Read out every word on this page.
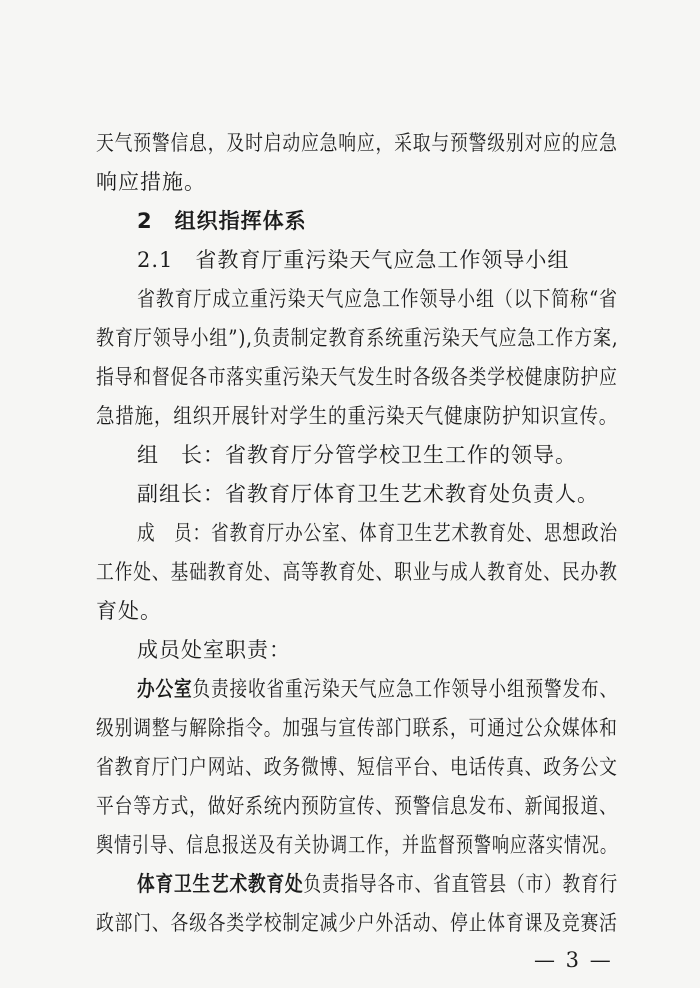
天气预警信息，及时启动应急响应，采取与预警级别对应的应急
响应措施。
2　组织指挥体系
2.1　省教育厅重污染天气应急工作领导小组
省教育厅成立重污染天气应急工作领导小组（以下简称“省
教育厅领导小组”),负责制定教育系统重污染天气应急工作方案,
指导和督促各市落实重污染天气发生时各级各类学校健康防护应
急措施，组织开展针对学生的重污染天气健康防护知识宣传。
组　长：省教育厅分管学校卫生工作的领导。
副组长：省教育厅体育卫生艺术教育处负责人。
成　员：省教育厅办公室、体育卫生艺术教育处、思想政治
工作处、基础教育处、高等教育处、职业与成人教育处、民办教
育处。
成员处室职责：
办公室负责接收省重污染天气应急工作领导小组预警发布、
级别调整与解除指令。加强与宣传部门联系，可通过公众媒体和
省教育厅门户网站、政务微博、短信平台、电话传真、政务公文
平台等方式，做好系统内预防宣传、预警信息发布、新闻报道、
舆情引导、信息报送及有关协调工作，并监督预警响应落实情况。
体育卫生艺术教育处负责指导各市、省直管县（市）教育行
政部门、各级各类学校制定减少户外活动、停止体育课及竞赛活
— 3 —
